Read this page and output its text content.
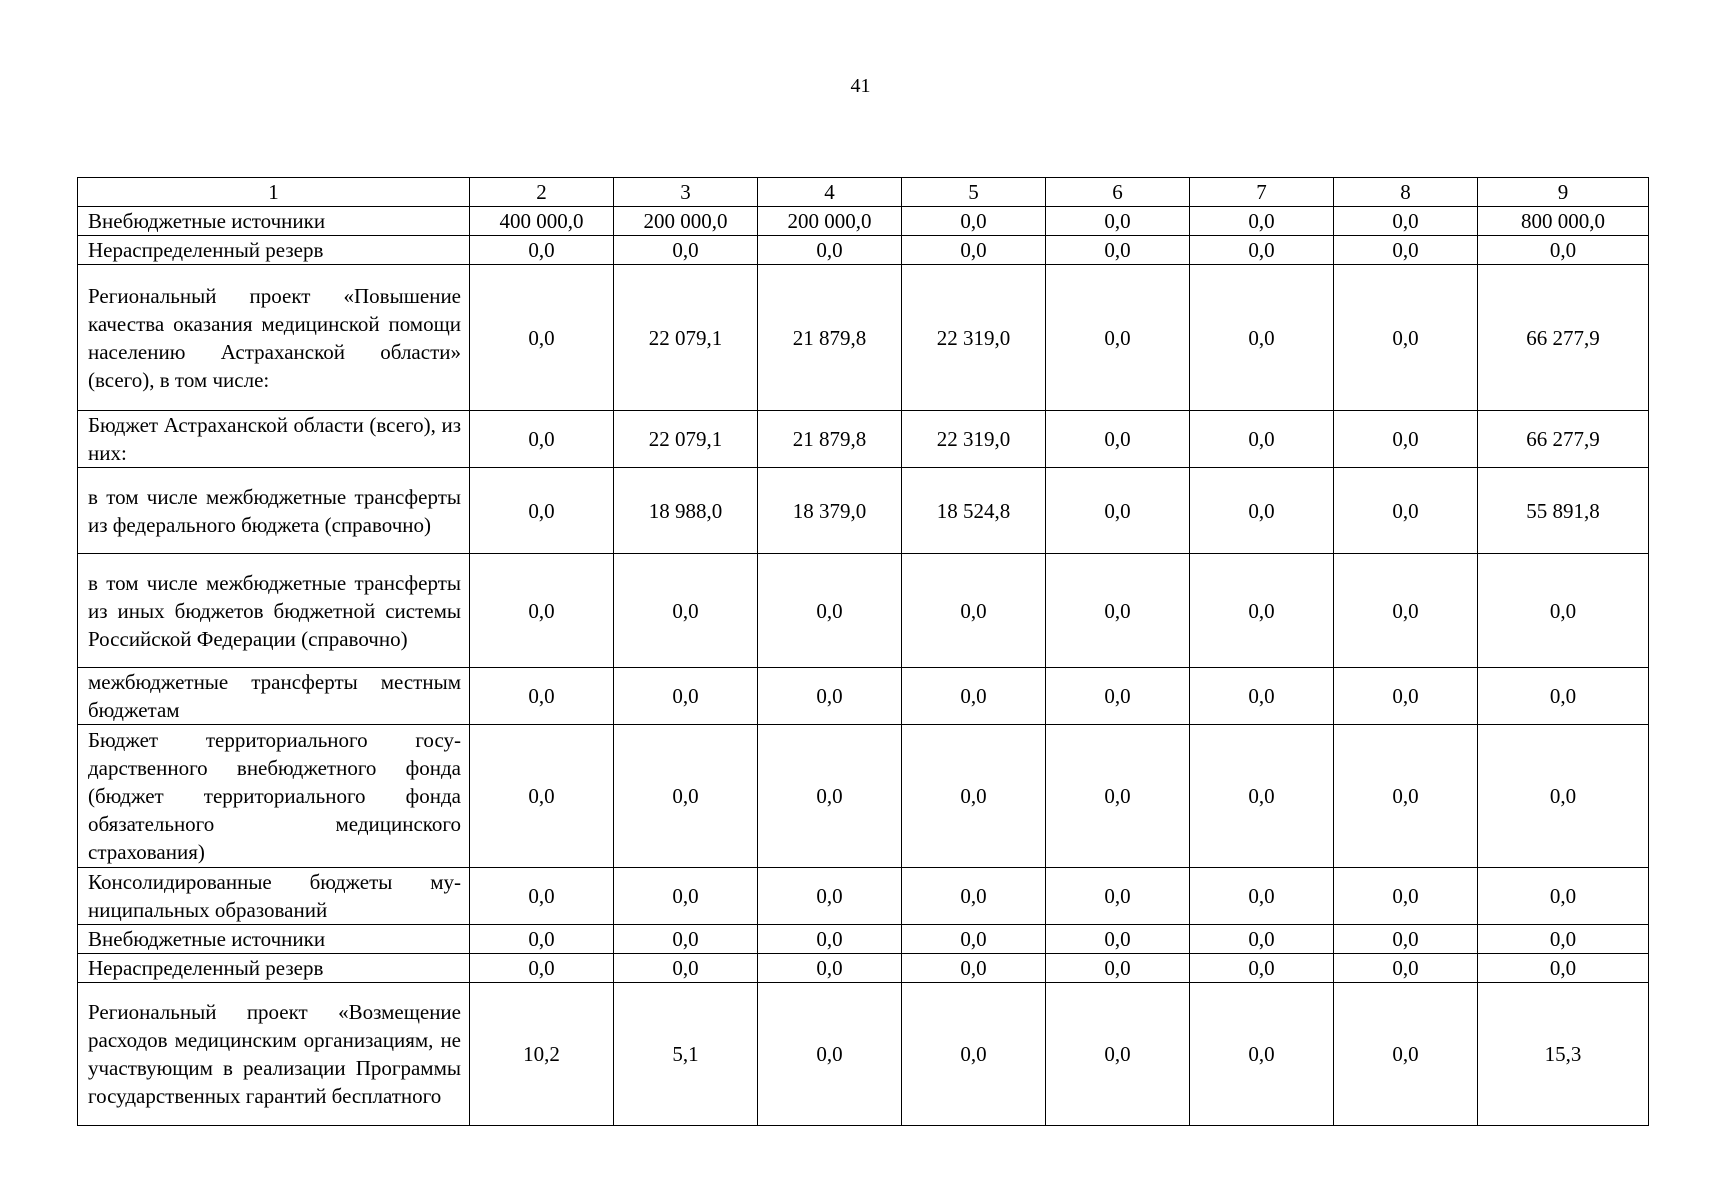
41
1	2	3	4	5	6	7	8	9
Внебюджетные источники	400 000,0	200 000,0	200 000,0	0,0	0,0	0,0	0,0	800 000,0
Нераспределенный резерв	0,0	0,0	0,0	0,0	0,0	0,0	0,0	0,0
Региональный проект «Повышение качества оказания медицинской помощи населению Астраханской области» (всего), в том числе:	0,0	22 079,1	21 879,8	22 319,0	0,0	0,0	0,0	66 277,9
Бюджет Астраханской области (всего), из них:	0,0	22 079,1	21 879,8	22 319,0	0,0	0,0	0,0	66 277,9
в том числе межбюджетные трансферты из федерального бюджета (справочно)	0,0	18 988,0	18 379,0	18 524,8	0,0	0,0	0,0	55 891,8
в том числе межбюджетные трансферты из иных бюджетов бюджетной системы Российской Федерации (справочно)	0,0	0,0	0,0	0,0	0,0	0,0	0,0	0,0
межбюджетные трансферты местным бюджетам	0,0	0,0	0,0	0,0	0,0	0,0	0,0	0,0
Бюджет территориального государственного внебюджетного фонда (бюджет территориального фонда обязательного медицинского страхования)	0,0	0,0	0,0	0,0	0,0	0,0	0,0	0,0
Консолидированные бюджеты муниципальных образований	0,0	0,0	0,0	0,0	0,0	0,0	0,0	0,0
Внебюджетные источники	0,0	0,0	0,0	0,0	0,0	0,0	0,0	0,0
Нераспределенный резерв	0,0	0,0	0,0	0,0	0,0	0,0	0,0	0,0

Региональный проект «Возмещение расходов медицинским организациям, не участвующим в реализации Программы государственных гарантий бесплатного	10,2	5,1	0,0	0,0	0,0	0,0	0,0	15,3
